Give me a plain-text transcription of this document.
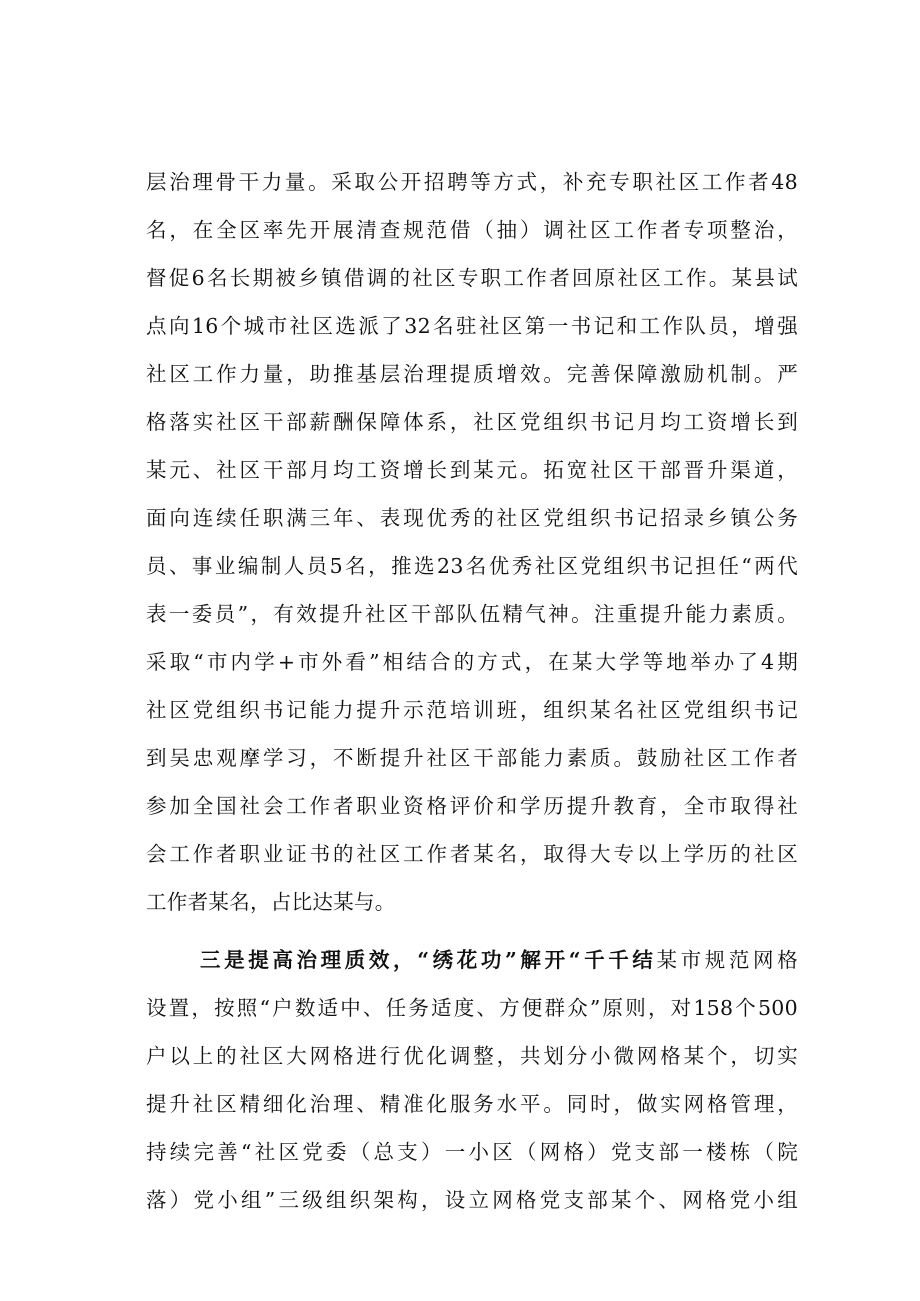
层治理骨干力量。采取公开招聘等方式，补充专职社区工作者48
名，在全区率先开展清查规范借（抽）调社区工作者专项整治，
督促6名长期被乡镇借调的社区专职工作者回原社区工作。某县试
点向16个城市社区选派了32名驻社区第一书记和工作队员，增强
社区工作力量，助推基层治理提质增效。完善保障激励机制。严
格落实社区干部薪酬保障体系，社区党组织书记月均工资增长到
某元、社区干部月均工资增长到某元。拓宽社区干部晋升渠道，
面向连续任职满三年、表现优秀的社区党组织书记招录乡镇公务
员、事业编制人员5名，推选23名优秀社区党组织书记担任“两代
表一委员”，有效提升社区干部队伍精气神。注重提升能力素质。
采取“市内学+市外看”相结合的方式，在某大学等地举办了4期
社区党组织书记能力提升示范培训班，组织某名社区党组织书记
到吴忠观摩学习，不断提升社区干部能力素质。鼓励社区工作者
参加全国社会工作者职业资格评价和学历提升教育，全市取得社
会工作者职业证书的社区工作者某名，取得大专以上学历的社区
工作者某名，占比达某与。
三是提高治理质效，“绣花功”解开“千千结某市规范网格
设置，按照“户数适中、任务适度、方便群众”原则，对158个500
户以上的社区大网格进行优化调整，共划分小微网格某个，切实
提升社区精细化治理、精准化服务水平。同时，做实网格管理，
持续完善“社区党委（总支）一小区（网格）党支部一楼栋（院
落）党小组”三级组织架构，设立网格党支部某个、网格党小组
